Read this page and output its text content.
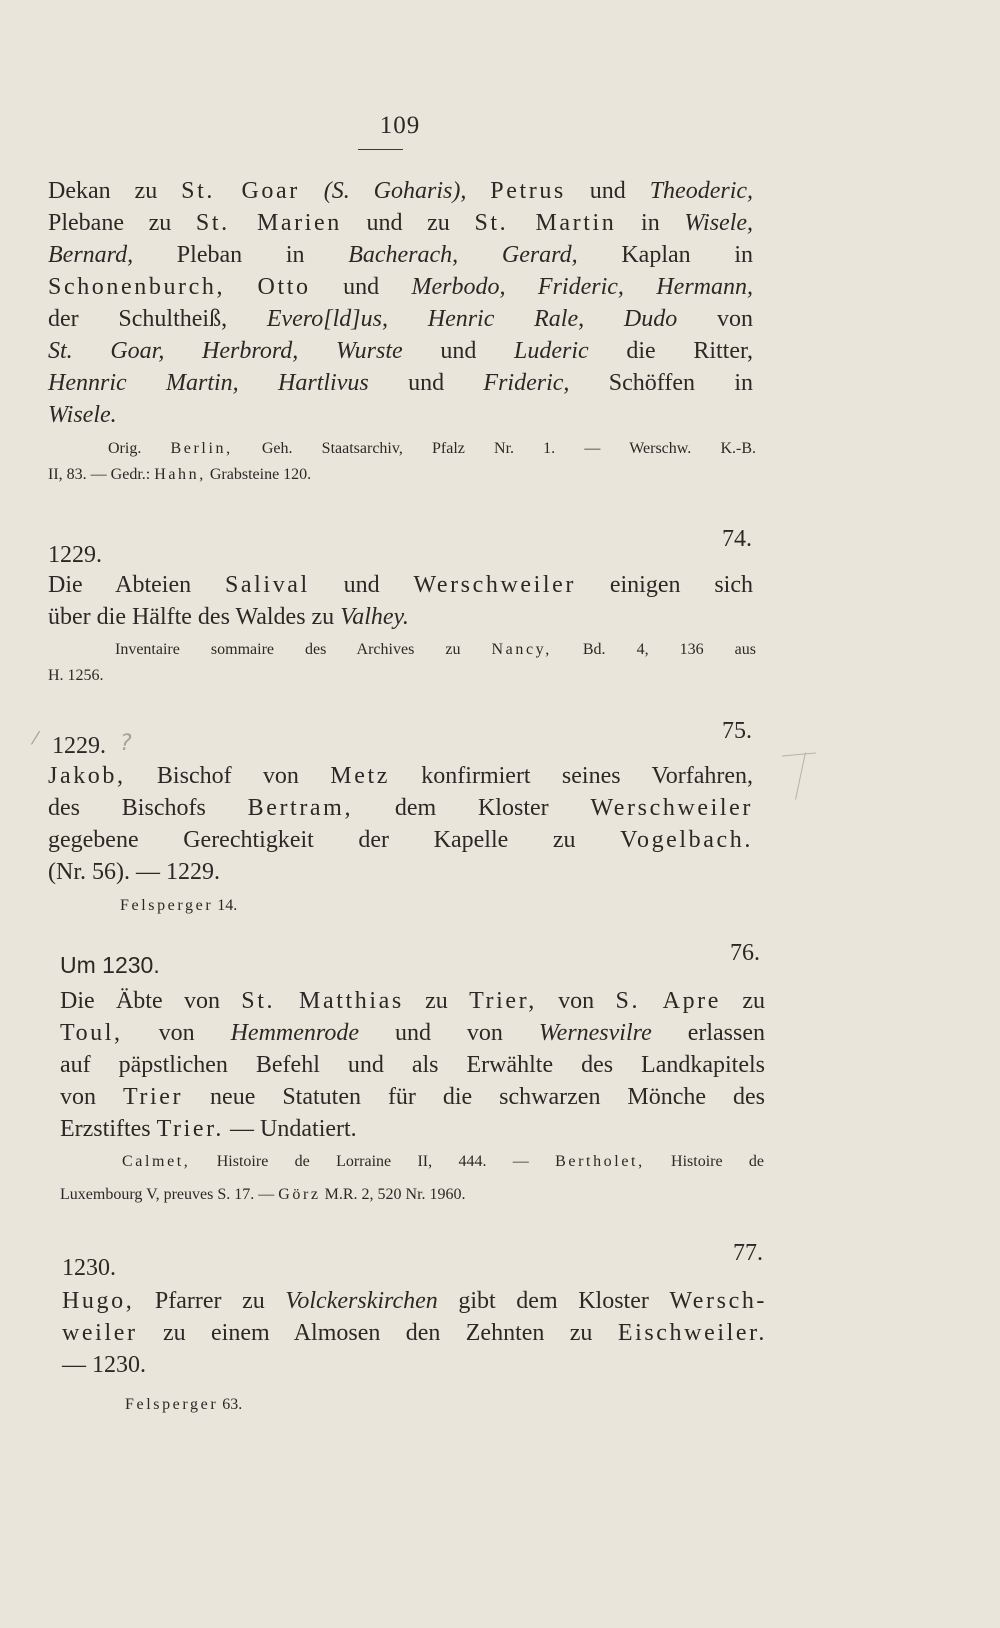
109
Dekan zu St. Goar (S. Goharis), Petrus und Theoderic,
Plebane zu St. Marien und zu St. Martin in Wisele,
Bernard, Pleban in Bacherach, Gerard, Kaplan in
Schonenburch, Otto und Merbodo, Frideric, Hermann,
der Schultheiß, Evero[ld]us, Henric Rale, Dudo von
St. Goar, Herbrord, Wurste und Luderic die Ritter,
Hennric Martin, Hartlivus und Frideric, Schöffen in
Wisele.
Orig. Berlin, Geh. Staatsarchiv, Pfalz Nr. 1. — Werschw. K.-B.
II, 83. — Gedr.: Hahn, Grabsteine 120.
1229.
74.
Die Abteien Salival und Werschweiler einigen sich
über die Hälfte des Waldes zu Valhey.
Inventaire sommaire des Archives zu Nancy, Bd. 4, 136 aus
H. 1256.
⁄ 1229. ?	75.
Jakob, Bischof von Metz konfirmiert seines Vorfahren,
des Bischofs Bertram, dem Kloster Werschweiler
gegebene Gerechtigkeit der Kapelle zu Vogelbach.
(Nr. 56). — 1229.
Felsperger 14.
Um 1230.	76.
Die Äbte von St. Matthias zu Trier, von S. Apre zu
Toul, von Hemmenrode und von Wernesvilre erlassen
auf päpstlichen Befehl und als Erwählte des Landkapitels
von Trier neue Statuten für die schwarzen Mönche des
Erzstiftes Trier. — Undatiert.
Calmet, Histoire de Lorraine II, 444. — Bertholet, Histoire de
Luxembourg V, preuves S. 17. — Görz M.R. 2, 520 Nr. 1960.
1230.
77.
Hugo, Pfarrer zu Volckerskirchen gibt dem Kloster Wersch-
weiler zu einem Almosen den Zehnten zu Eischweiler.
— 1230.
Felsperger 63.
